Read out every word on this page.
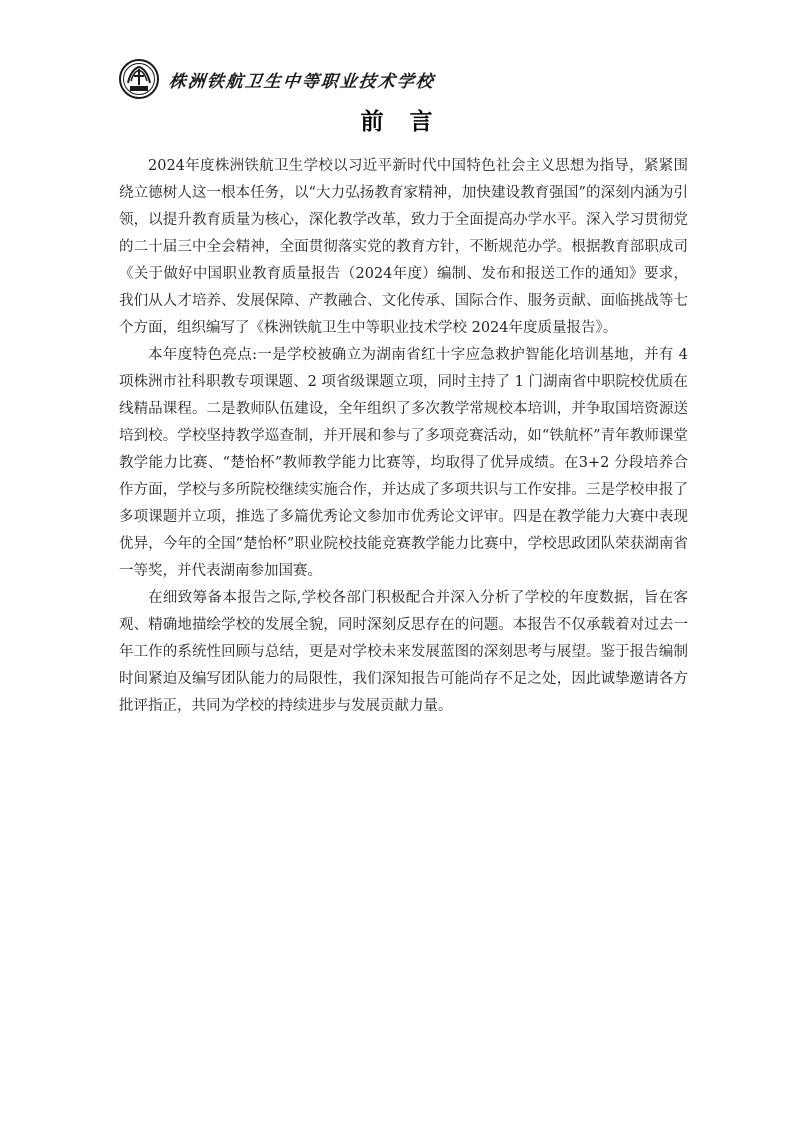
株洲铁航卫生中等职业技术学校
前 言

2024年度株洲铁航卫生学校以习近平新时代中国特色社会主义思想为指导，紧紧围绕立德树人这一根本任务，以“大力弘扬教育家精神，加快建设教育强国”的深刻内涵为引领，以提升教育质量为核心，深化教学改革，致力于全面提高办学水平。深入学习贯彻党的二十届三中全会精神，全面贯彻落实党的教育方针，不断规范办学。根据教育部职成司《关于做好中国职业教育质量报告（2024年度）编制、发布和报送工作的通知》要求，我们从人才培养、发展保障、产教融合、文化传承、国际合作、服务贡献、面临挑战等七个方面，组织编写了《株洲铁航卫生中等职业技术学校 2024年度质量报告》。

本年度特色亮点:一是学校被确立为湖南省红十字应急救护智能化培训基地，并有 4 项株洲市社科职教专项课题、2 项省级课题立项，同时主持了 1 门湖南省中职院校优质在线精品课程。二是教师队伍建设，全年组织了多次教学常规校本培训，并争取国培资源送培到校。学校坚持教学巡查制，并开展和参与了多项竞赛活动，如“铁航杯”青年教师课堂教学能力比赛、“楚怡杯”教师教学能力比赛等，均取得了优异成绩。在3+2 分段培养合作方面，学校与多所院校继续实施合作，并达成了多项共识与工作安排。三是学校申报了多项课题并立项，推选了多篇优秀论文参加市优秀论文评审。四是在教学能力大赛中表现优异，今年的全国“楚怡杯”职业院校技能竞赛教学能力比赛中，学校思政团队荣获湖南省一等奖，并代表湖南参加国赛。

在细致筹备本报告之际,学校各部门积极配合并深入分析了学校的年度数据，旨在客观、精确地描绘学校的发展全貌，同时深刻反思存在的问题。本报告不仅承载着对过去一年工作的系统性回顾与总结，更是对学校未来发展蓝图的深刻思考与展望。鉴于报告编制时间紧迫及编写团队能力的局限性，我们深知报告可能尚存不足之处，因此诚挚邀请各方批评指正，共同为学校的持续进步与发展贡献力量。
